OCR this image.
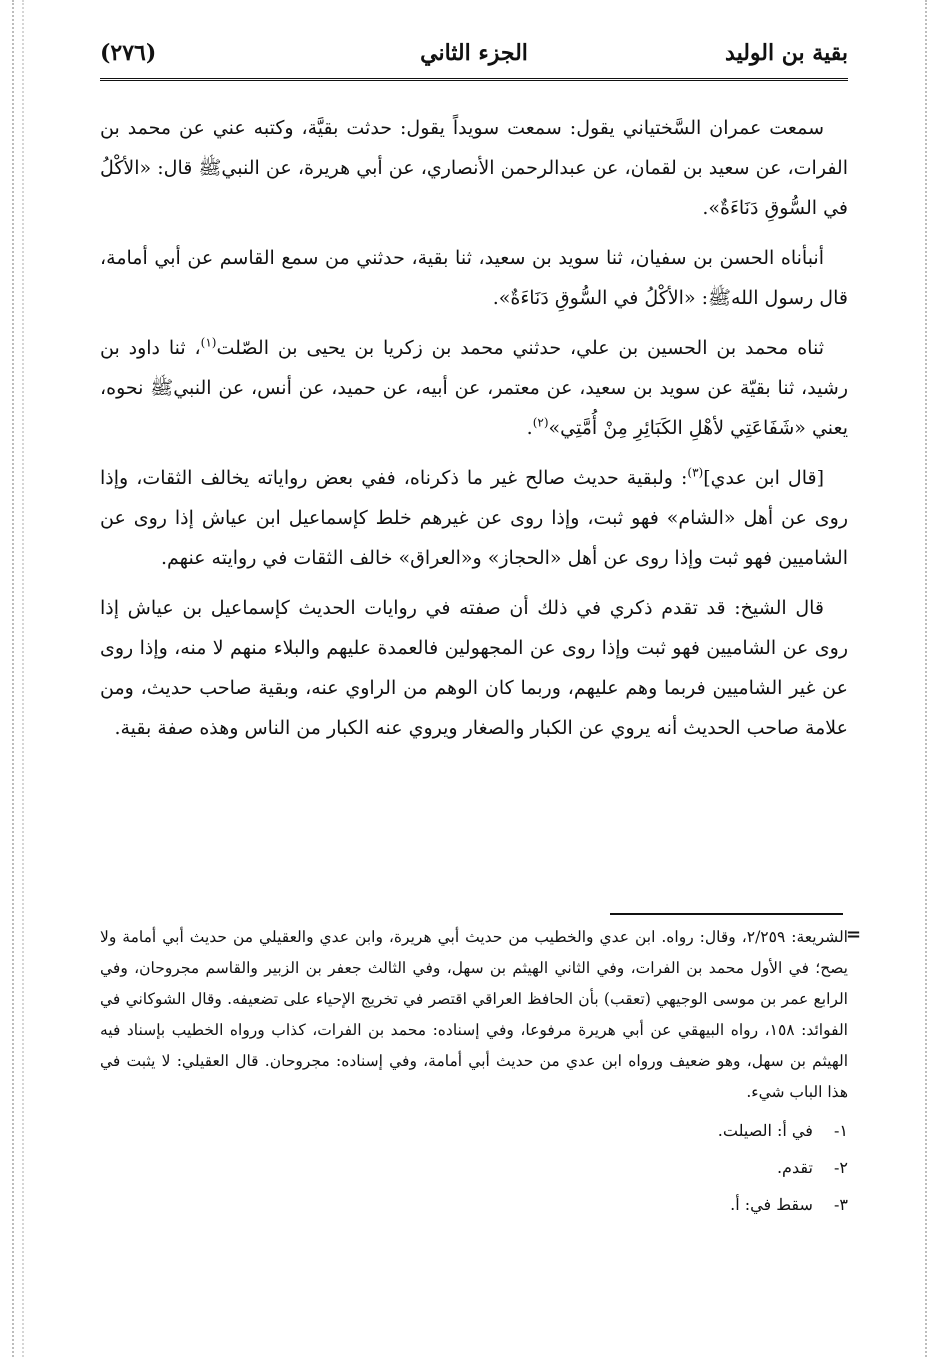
بقية بن الوليد
الجزء الثاني
(٢٧٦)

سمعت عمران السَّختياني يقول: سمعت سويداً يقول: حدثت بقيَّة، وكتبه عني عن محمد بن الفرات، عن سعيد بن لقمان، عن عبدالرحمن الأنصاري، عن أبي هريرة، عن النبيﷺ قال: «الأكْلُ في السُّوقِ دَنَاءَةٌ».

أنبأناه الحسن بن سفيان، ثنا سويد بن سعيد، ثنا بقية، حدثني من سمع القاسم عن أبي أمامة، قال رسول اللهﷺ: «الأكْلُ في السُّوقِ دَنَاءَةٌ».

ثناه محمد بن الحسين بن علي، حدثني محمد بن زكريا بن يحيى بن الصّلت$^{(١)}$، ثنا داود بن رشيد، ثنا بقيّة عن سويد بن سعيد، عن معتمر، عن أبيه، عن حميد، عن أنس، عن النبيﷺ نحوه، يعني «شَفَاعَتِي لأهْلِ الكَبَائِرِ مِنْ أُمَّتِي»$^{(٢)}$.

[قال ابن عدي]$^{(٣)}$: ولبقية حديث صالح غير ما ذكرناه، ففي بعض رواياته يخالف الثقات، وإذا روى عن أهل «الشام» فهو ثبت، وإذا روى عن غيرهم خلط كإسماعيل ابن عياش إذا روى عن الشاميين فهو ثبت وإذا روى عن أهل «الحجاز» و«العراق» خالف الثقات في روايته عنهم.

قال الشيخ: قد تقدم ذكري في ذلك أن صفته في روايات الحديث كإسماعيل بن عياش إذا روى عن الشاميين فهو ثبت وإذا روى عن المجهولين فالعمدة عليهم والبلاء منهم لا منه، وإذا روى عن غير الشاميين فربما وهم عليهم، وربما كان الوهم من الراوي عنه، وبقية صاحب حديث، ومن علامة صاحب الحديث أنه يروي عن الكبار والصغار ويروي عنه الكبار من الناس وهذه صفة بقية.

=

الشريعة: ٢/٢٥٩، وقال: رواه. ابن عدي والخطيب من حديث أبي هريرة، وابن عدي والعقيلي من حديث أبي أمامة ولا يصح؛ في الأول محمد بن الفرات، وفي الثاني الهيثم بن سهل، وفي الثالث جعفر بن الزبير والقاسم مجروحان، وفي الرابع عمر بن موسى الوجيهي (تعقب) بأن الحافظ العراقي اقتصر في تخريج الإحياء على تضعيفه. وقال الشوكاني في الفوائد: ١٥٨، رواه البيهقي عن أبي هريرة مرفوعا، وفي إسناده: محمد بن الفرات، كذاب ورواه الخطيب بإسناد فيه الهيثم بن سهل، وهو ضعيف ورواه ابن عدي من حديث أبي أمامة، وفي إسناده: مجروحان. قال العقيلي: لا يثبت في هذا الباب شيء.

١- في أ: الصيلت.
٢- تقدم.
٣- سقط في: أ.
